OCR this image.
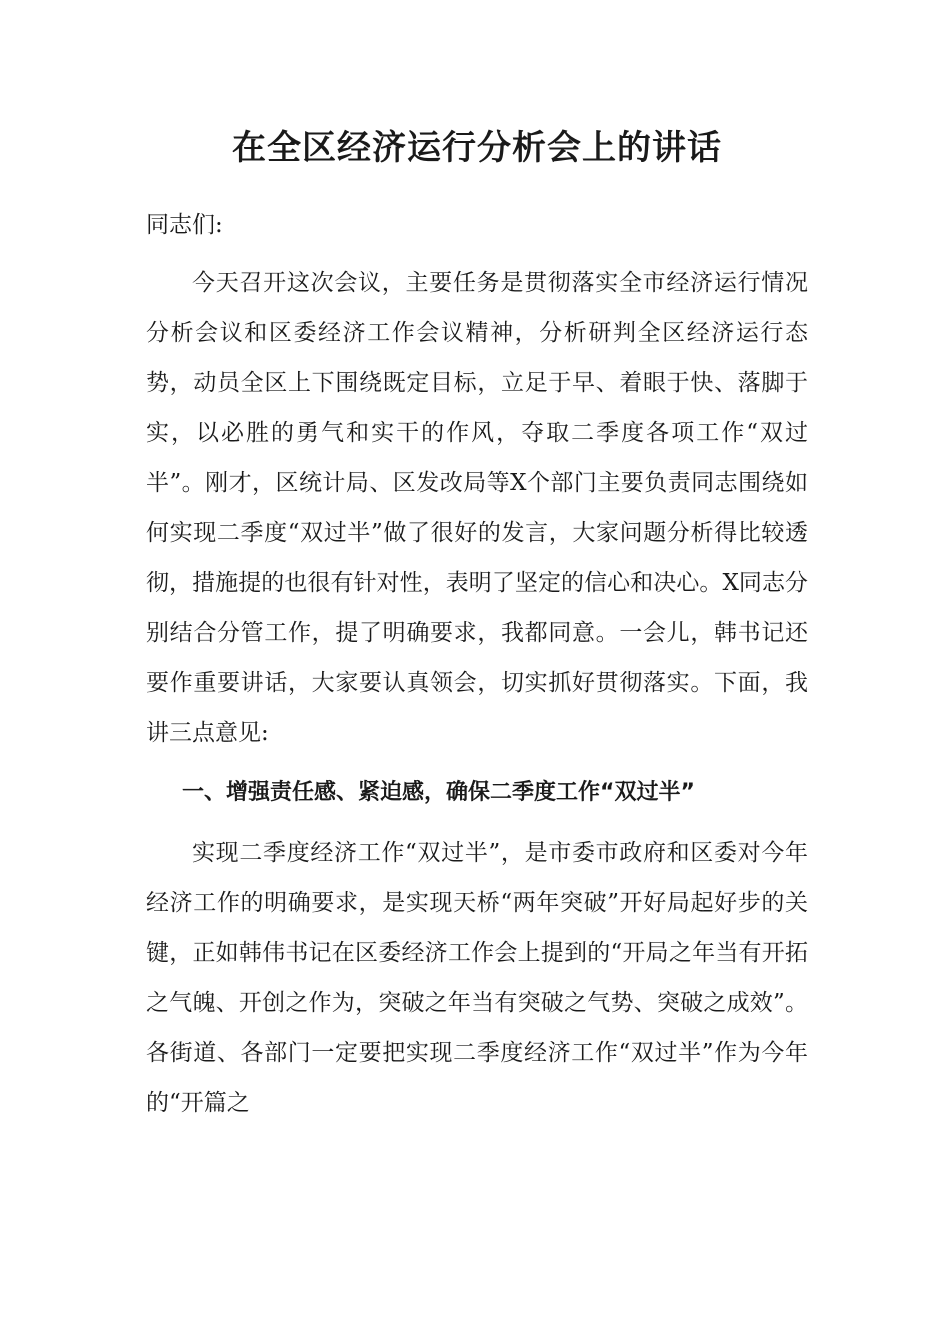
在全区经济运行分析会上的讲话

同志们:

今天召开这次会议，主要任务是贯彻落实全市经济运行情况分析会议和区委经济工作会议精神，分析研判全区经济运行态势，动员全区上下围绕既定目标，立足于早、着眼于快、落脚于实，以必胜的勇气和实干的作风，夺取二季度各项工作“双过半”。刚才，区统计局、区发改局等X个部门主要负责同志围绕如何实现二季度“双过半”做了很好的发言，大家问题分析得比较透彻，措施提的也很有针对性，表明了坚定的信心和决心。X同志分别结合分管工作，提了明确要求，我都同意。一会儿，韩书记还要作重要讲话，大家要认真领会，切实抓好贯彻落实。下面，我讲三点意见:

一、增强责任感、紧迫感，确保二季度工作“双过半”

实现二季度经济工作“双过半”，是市委市政府和区委对今年经济工作的明确要求，是实现天桥“两年突破”开好局起好步的关键，正如韩伟书记在区委经济工作会上提到的“开局之年当有开拓之气魄、开创之作为，突破之年当有突破之气势、突破之成效”。各街道、各部门一定要把实现二季度经济工作“双过半”作为今年的“开篇之
